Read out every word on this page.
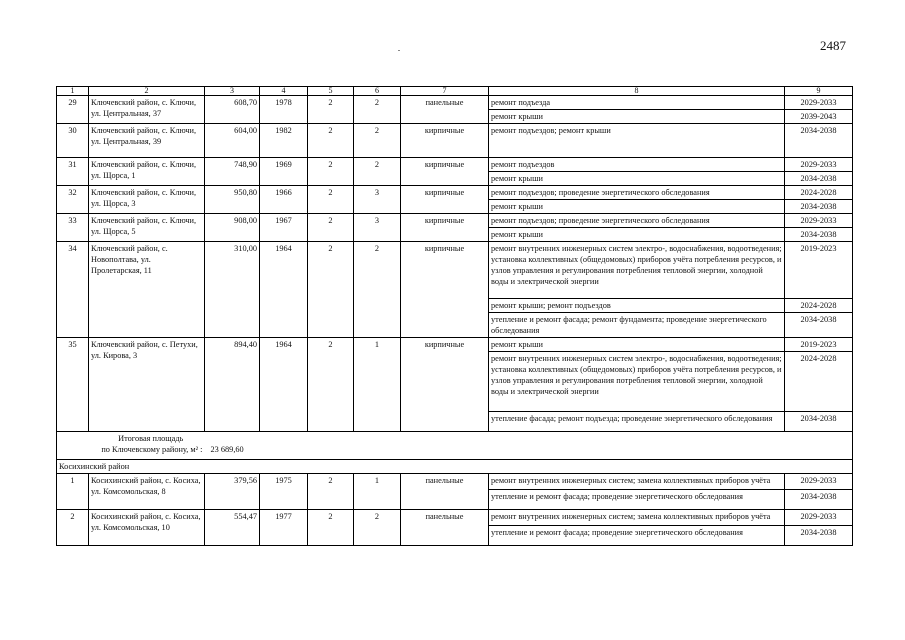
2487
1	2	3	4	5	6	7	8	9
29	Ключевский район, с. Ключи, ул. Центральная, 37	608,70	1978	2	2	панельные	ремонт подъезда	2029-2033
							ремонт крыши	2039-2043
30	Ключевский район, с. Ключи, ул. Центральная, 39	604,00	1982	2	2	кирпичные	ремонт подъездов; ремонт крыши	2034-2038
31	Ключевский район, с. Ключи, ул. Щорса, 1	748,90	1969	2	2	кирпичные	ремонт подъездов	2029-2033
							ремонт крыши	2034-2038
32	Ключевский район, с. Ключи, ул. Щорса, 3	950,80	1966	2	3	кирпичные	ремонт подъездов; проведение энергетического обследования	2024-2028
							ремонт крыши	2034-2038
33	Ключевский район, с. Ключи, ул. Щорса, 5	908,00	1967	2	3	кирпичные	ремонт подъездов; проведение энергетического обследования	2029-2033
							ремонт крыши	2034-2038
34	Ключевский район, с. Новополтава, ул. Пролетарская, 11	310,00	1964	2	2	кирпичные	ремонт внутренних инженерных систем электро-, водоснабжения, водоотведения; установка коллективных (общедомовых) приборов учёта потребления ресурсов, и узлов управления и регулирования потребления тепловой энергии, холодной воды и электрической энергии	2019-2023
							ремонт крыши; ремонт подъездов	2024-2028
							утепление и ремонт фасада; ремонт фундамента; проведение энергетического обследования	2034-2038
35	Ключевский район, с. Петухи, ул. Кирова, 3	894,40	1964	2	1	кирпичные	ремонт крыши	2019-2023
							ремонт внутренних инженерных систем электро-, водоснабжения, водоотведения; установка коллективных (общедомовых) приборов учёта потребления ресурсов, и узлов управления и регулирования потребления тепловой энергии, холодной воды и электрической энергии	2024-2028
							утепление фасада; ремонт подъезда; проведение энергетического обследования	2034-2038

Итоговая площадь
по Ключевскому району, м² :		23 689,60						

Косихинский район								
1	Косихинский район, с. Косиха, ул. Комсомольская, 8	379,56	1975	2	1	панельные	ремонт внутренних инженерных систем; замена коллективных приборов учёта	2029-2033
							утепление и ремонт фасада; проведение энергетического обследования	2034-2038
2	Косихинский район, с. Косиха, ул. Комсомольская, 10	554,47	1977	2	2	панельные	ремонт внутренних инженерных систем; замена коллективных приборов учёта	2029-2033
							утепление и ремонт фасада; проведение энергетического обследования	2034-2038
